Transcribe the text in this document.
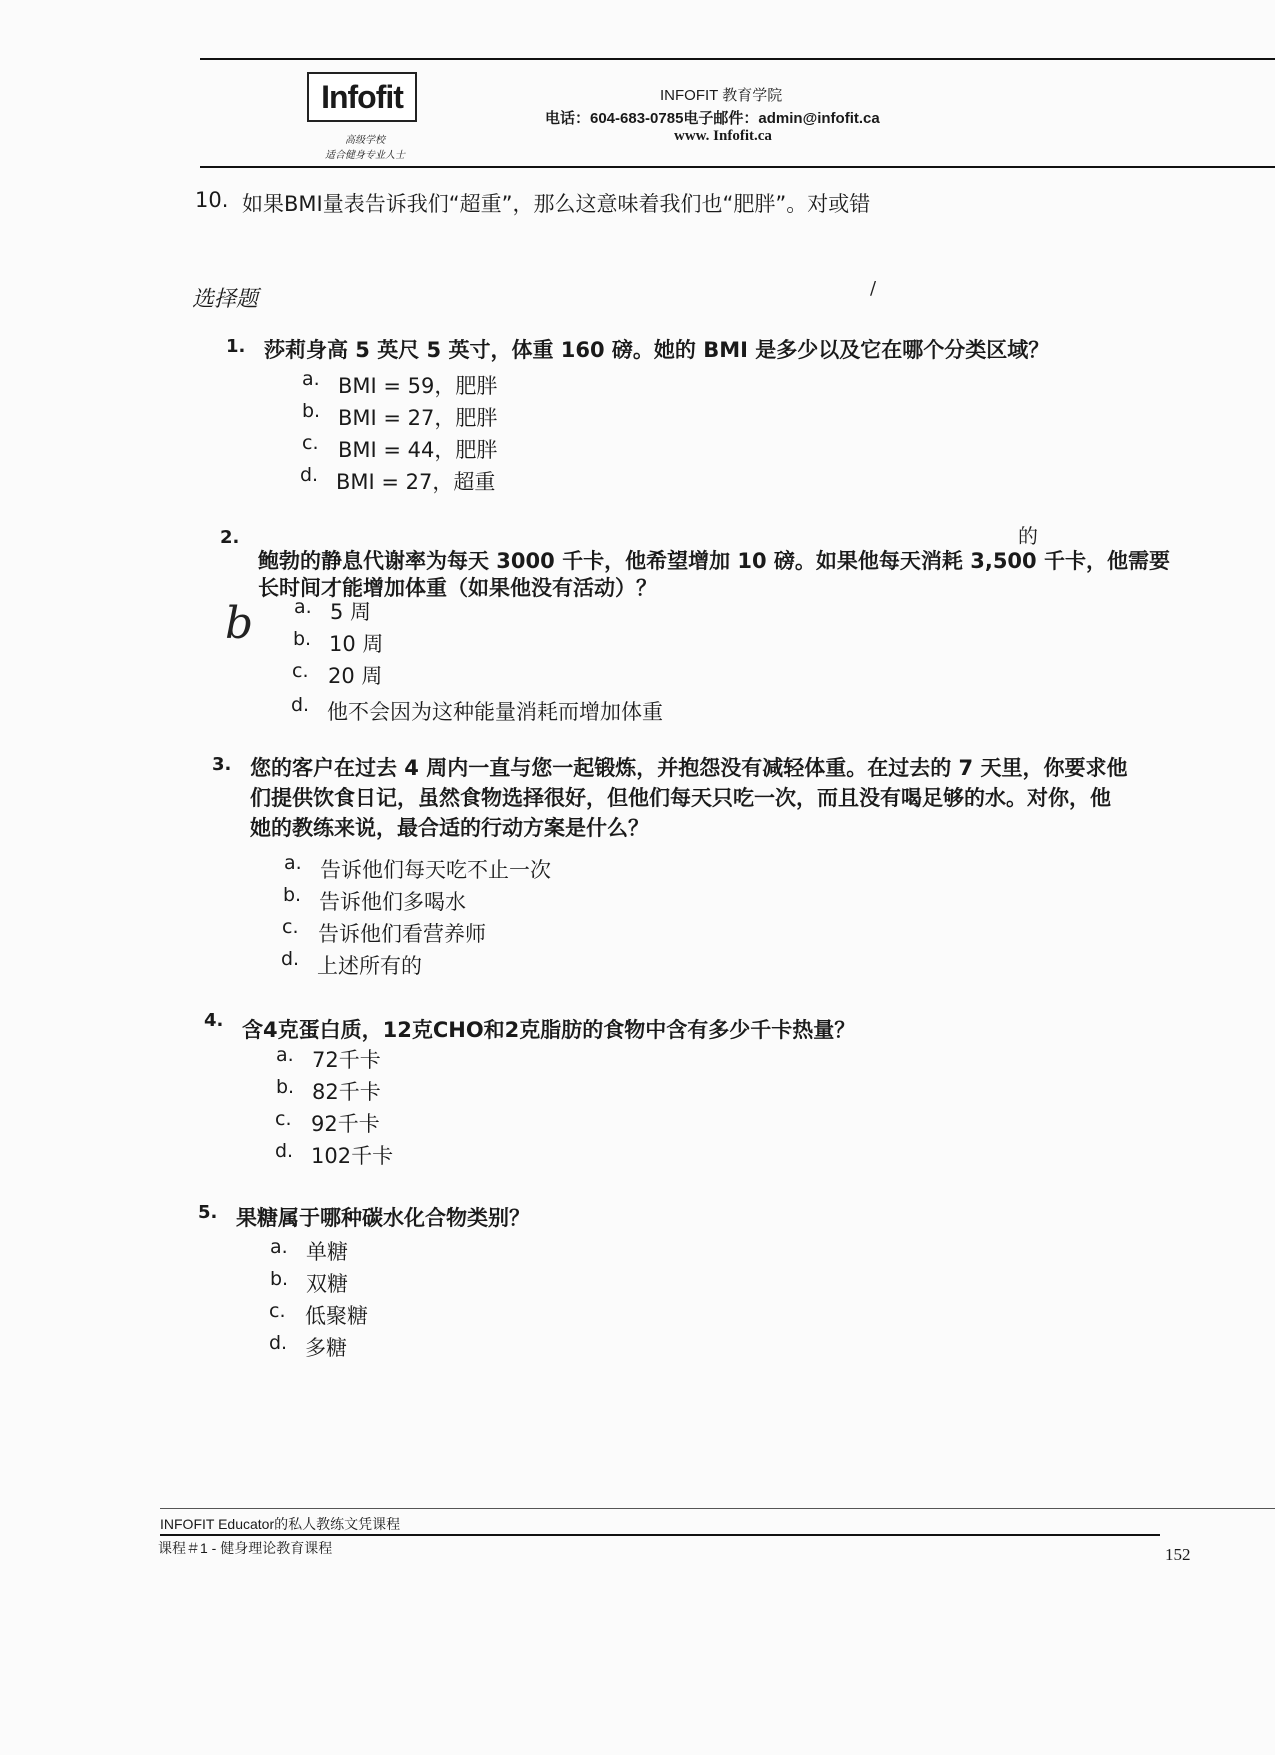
Infofit
高级学校
适合健身专业人士
INFOFIT 教育学院
电话：604-683-0785电子邮件：admin@infofit.ca
www. Infofit.ca
10. 如果BMI量表告诉我们“超重”，那么这意味着我们也“肥胖”。对或错
/
选择题
1. 莎莉身高 5 英尺 5 英寸，体重 160 磅。她的 BMI 是多少以及它在哪个分类区域？
a. BMI = 59，肥胖
b. BMI = 27，肥胖
c. BMI = 44，肥胖
d. BMI = 27，超重
2.
鲍勃的静息代谢率为每天 3000 千卡，他希望增加 10 磅。如果他每天消耗 3,500 千卡，他需要
长时间才能增加体重（如果他没有活动）？
的
b a. 5 周
b. 10 周
c. 20 周
d. 他不会因为这种能量消耗而增加体重
3. 您的客户在过去 4 周内一直与您一起锻炼，并抱怨没有减轻体重。在过去的 7 天里，你要求他
们提供饮食日记，虽然食物选择很好，但他们每天只吃一次，而且没有喝足够的水。对你，他
她的教练来说，最合适的行动方案是什么？
a. 告诉他们每天吃不止一次
b. 告诉他们多喝水
c. 告诉他们看营养师
d. 上述所有的
4. 含4克蛋白质，12克CHO和2克脂肪的食物中含有多少千卡热量？
a. 72千卡
b. 82千卡
c. 92千卡
d. 102千卡
5. 果糖属于哪种碳水化合物类别？
a. 单糖
b. 双糖
c. 低聚糖
d. 多糖
INFOFIT Educator的私人教练文凭课程
课程＃1 - 健身理论教育课程	152
